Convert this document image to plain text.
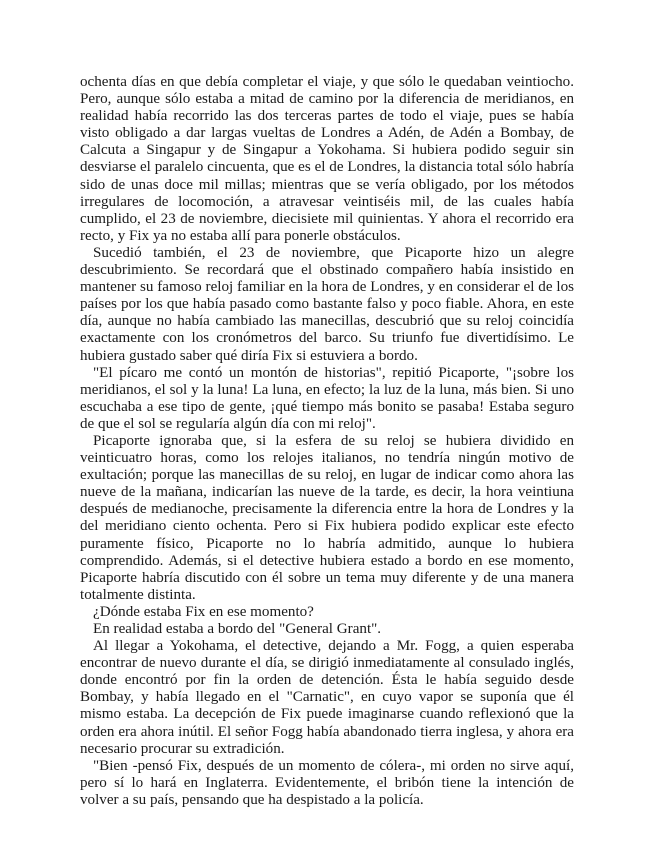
ochenta días en que debía completar el viaje, y que sólo le quedaban veintiocho. Pero, aunque sólo estaba a mitad de camino por la diferencia de meridianos, en realidad había recorrido las dos terceras partes de todo el viaje, pues se había visto obligado a dar largas vueltas de Londres a Adén, de Adén a Bombay, de Calcuta a Singapur y de Singapur a Yokohama. Si hubiera podido seguir sin desviarse el paralelo cincuenta, que es el de Londres, la distancia total sólo habría sido de unas doce mil millas; mientras que se vería obligado, por los métodos irregulares de locomoción, a atravesar veintiséis mil, de las cuales había cumplido, el 23 de noviembre, diecisiete mil quinientas. Y ahora el recorrido era recto, y Fix ya no estaba allí para ponerle obstáculos.

Sucedió también, el 23 de noviembre, que Picaporte hizo un alegre descubrimiento. Se recordará que el obstinado compañero había insistido en mantener su famoso reloj familiar en la hora de Londres, y en considerar el de los países por los que había pasado como bastante falso y poco fiable. Ahora, en este día, aunque no había cambiado las manecillas, descubrió que su reloj coincidía exactamente con los cronómetros del barco. Su triunfo fue divertidísimo. Le hubiera gustado saber qué diría Fix si estuviera a bordo.

"El pícaro me contó un montón de historias", repitió Picaporte, "¡sobre los meridianos, el sol y la luna! La luna, en efecto; la luz de la luna, más bien. Si uno escuchaba a ese tipo de gente, ¡qué tiempo más bonito se pasaba! Estaba seguro de que el sol se regularía algún día con mi reloj".

Picaporte ignoraba que, si la esfera de su reloj se hubiera dividido en veinticuatro horas, como los relojes italianos, no tendría ningún motivo de exultación; porque las manecillas de su reloj, en lugar de indicar como ahora las nueve de la mañana, indicarían las nueve de la tarde, es decir, la hora veintiuna después de medianoche, precisamente la diferencia entre la hora de Londres y la del meridiano ciento ochenta. Pero si Fix hubiera podido explicar este efecto puramente físico, Picaporte no lo habría admitido, aunque lo hubiera comprendido. Además, si el detective hubiera estado a bordo en ese momento, Picaporte habría discutido con él sobre un tema muy diferente y de una manera totalmente distinta.

¿Dónde estaba Fix en ese momento?

En realidad estaba a bordo del "General Grant".

Al llegar a Yokohama, el detective, dejando a Mr. Fogg, a quien esperaba encontrar de nuevo durante el día, se dirigió inmediatamente al consulado inglés, donde encontró por fin la orden de detención. Ésta le había seguido desde Bombay, y había llegado en el "Carnatic", en cuyo vapor se suponía que él mismo estaba. La decepción de Fix puede imaginarse cuando reflexionó que la orden era ahora inútil. El señor Fogg había abandonado tierra inglesa, y ahora era necesario procurar su extradición.

"Bien -pensó Fix, después de un momento de cólera-, mi orden no sirve aquí, pero sí lo hará en Inglaterra. Evidentemente, el bribón tiene la intención de volver a su país, pensando que ha despistado a la policía.
